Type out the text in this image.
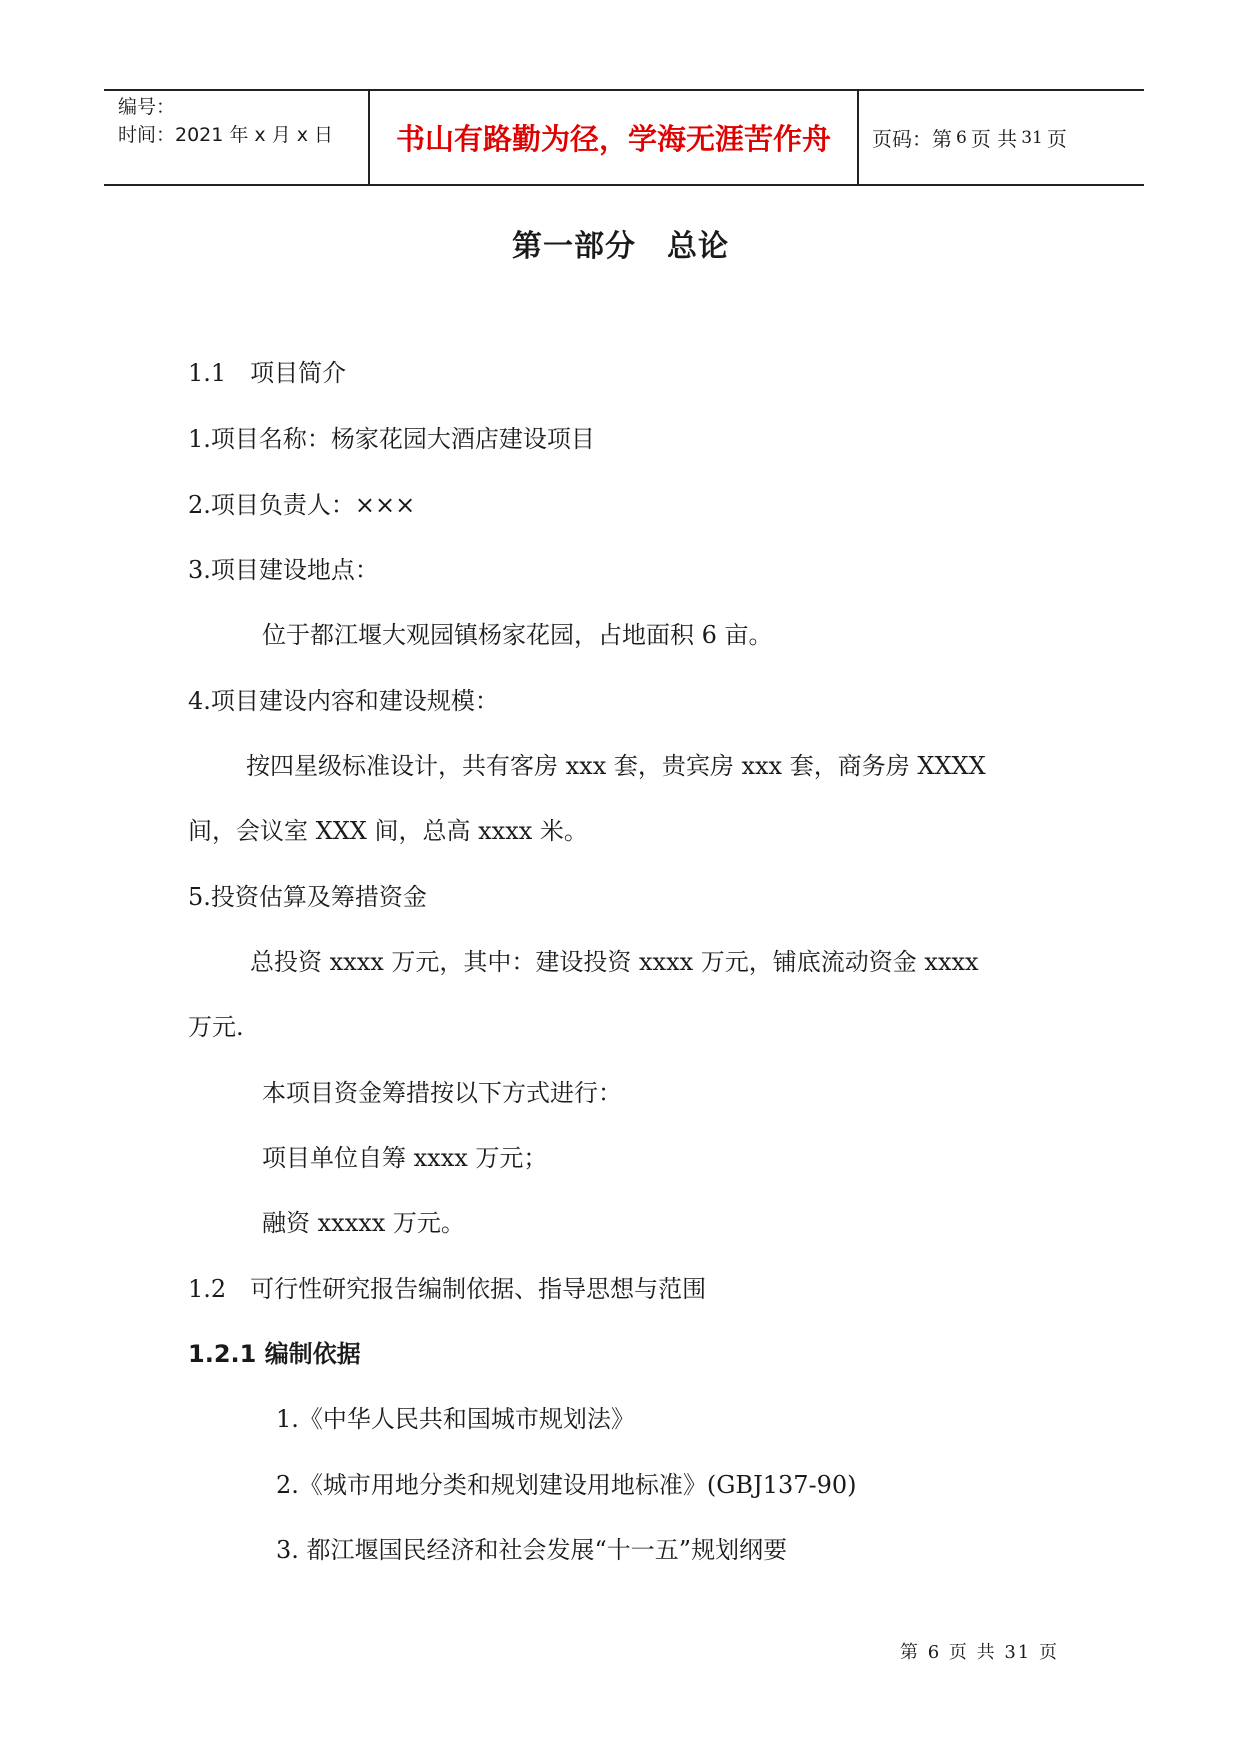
编号：
时间：2021 年 x 月 x 日	书山有路勤为径，学海无涯苦作舟	页码：第 6 页 共 31 页
第一部分　总论
1.1　项目简介
1.项目名称：杨家花园大酒店建设项目
2.项目负责人：×××
3.项目建设地点：
位于都江堰大观园镇杨家花园，占地面积 6 亩。
4.项目建设内容和建设规模：
按四星级标准设计，共有客房 xxx 套，贵宾房 xxx 套，商务房 XXXX
间，会议室 XXX 间，总高 xxxx 米。
5.投资估算及筹措资金
总投资 xxxx 万元，其中：建设投资 xxxx 万元，铺底流动资金 xxxx
万元.
本项目资金筹措按以下方式进行：
项目单位自筹 xxxx 万元；
融资 xxxxx 万元。
1.2　可行性研究报告编制依据、指导思想与范围
1.2.1 编制依据
1.《中华人民共和国城市规划法》
2.《城市用地分类和规划建设用地标准》(GBJ137-90)
3. 都江堰国民经济和社会发展“十一五”规划纲要
第 6 页 共 31 页
